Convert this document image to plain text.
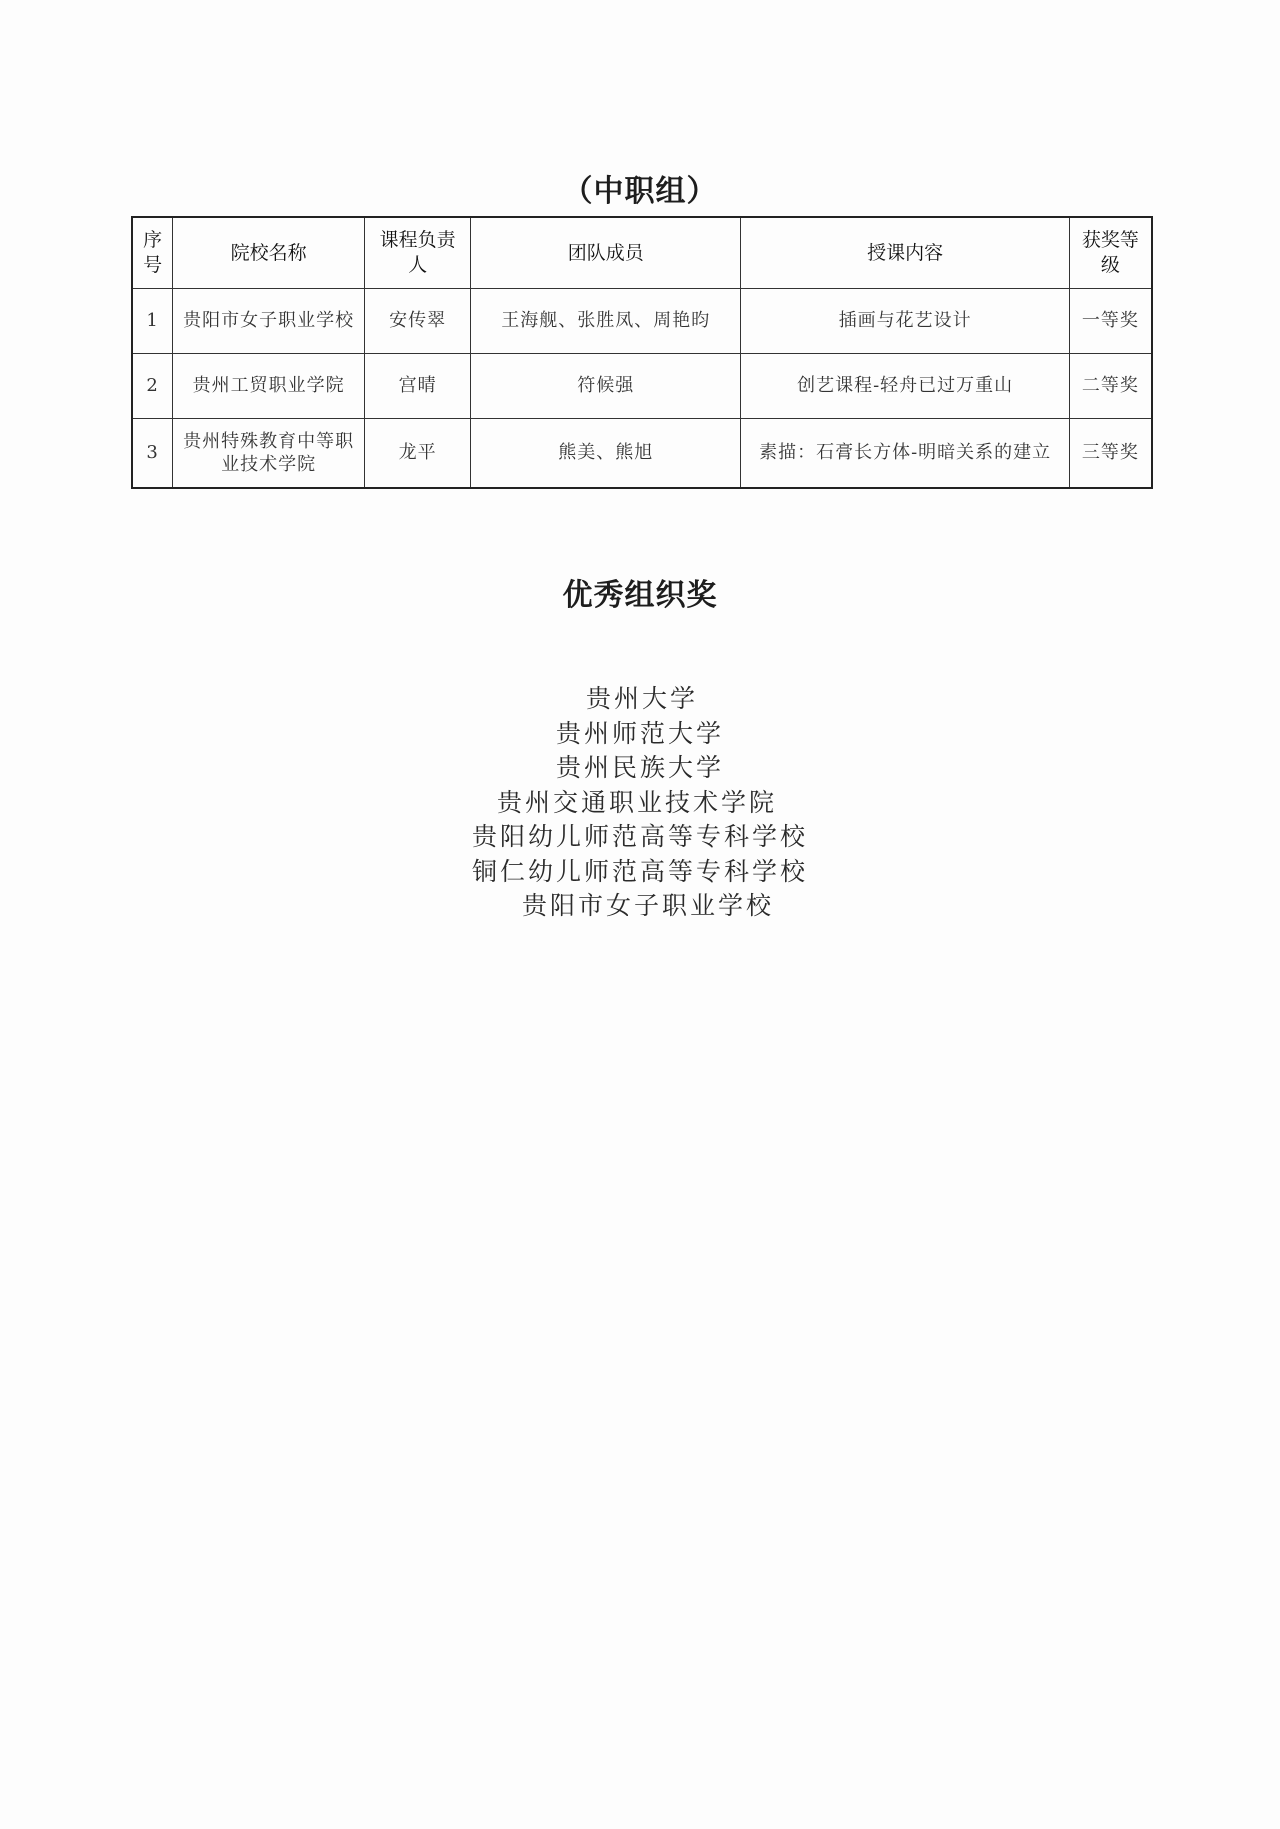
（中职组）
序号	院校名称	课程负责人	团队成员	授课内容	获奖等级
1	贵阳市女子职业学校	安传翠	王海舰、张胜凤、周艳昀	插画与花艺设计	一等奖
2	贵州工贸职业学院	宫晴	符候强	创艺课程-轻舟已过万重山	二等奖
3	贵州特殊教育中等职业技术学院	龙平	熊美、熊旭	素描：石膏长方体-明暗关系的建立	三等奖
优秀组织奖
贵州大学
贵州师范大学
贵州民族大学
贵州交通职业技术学院
贵阳幼儿师范高等专科学校
铜仁幼儿师范高等专科学校
贵阳市女子职业学校
